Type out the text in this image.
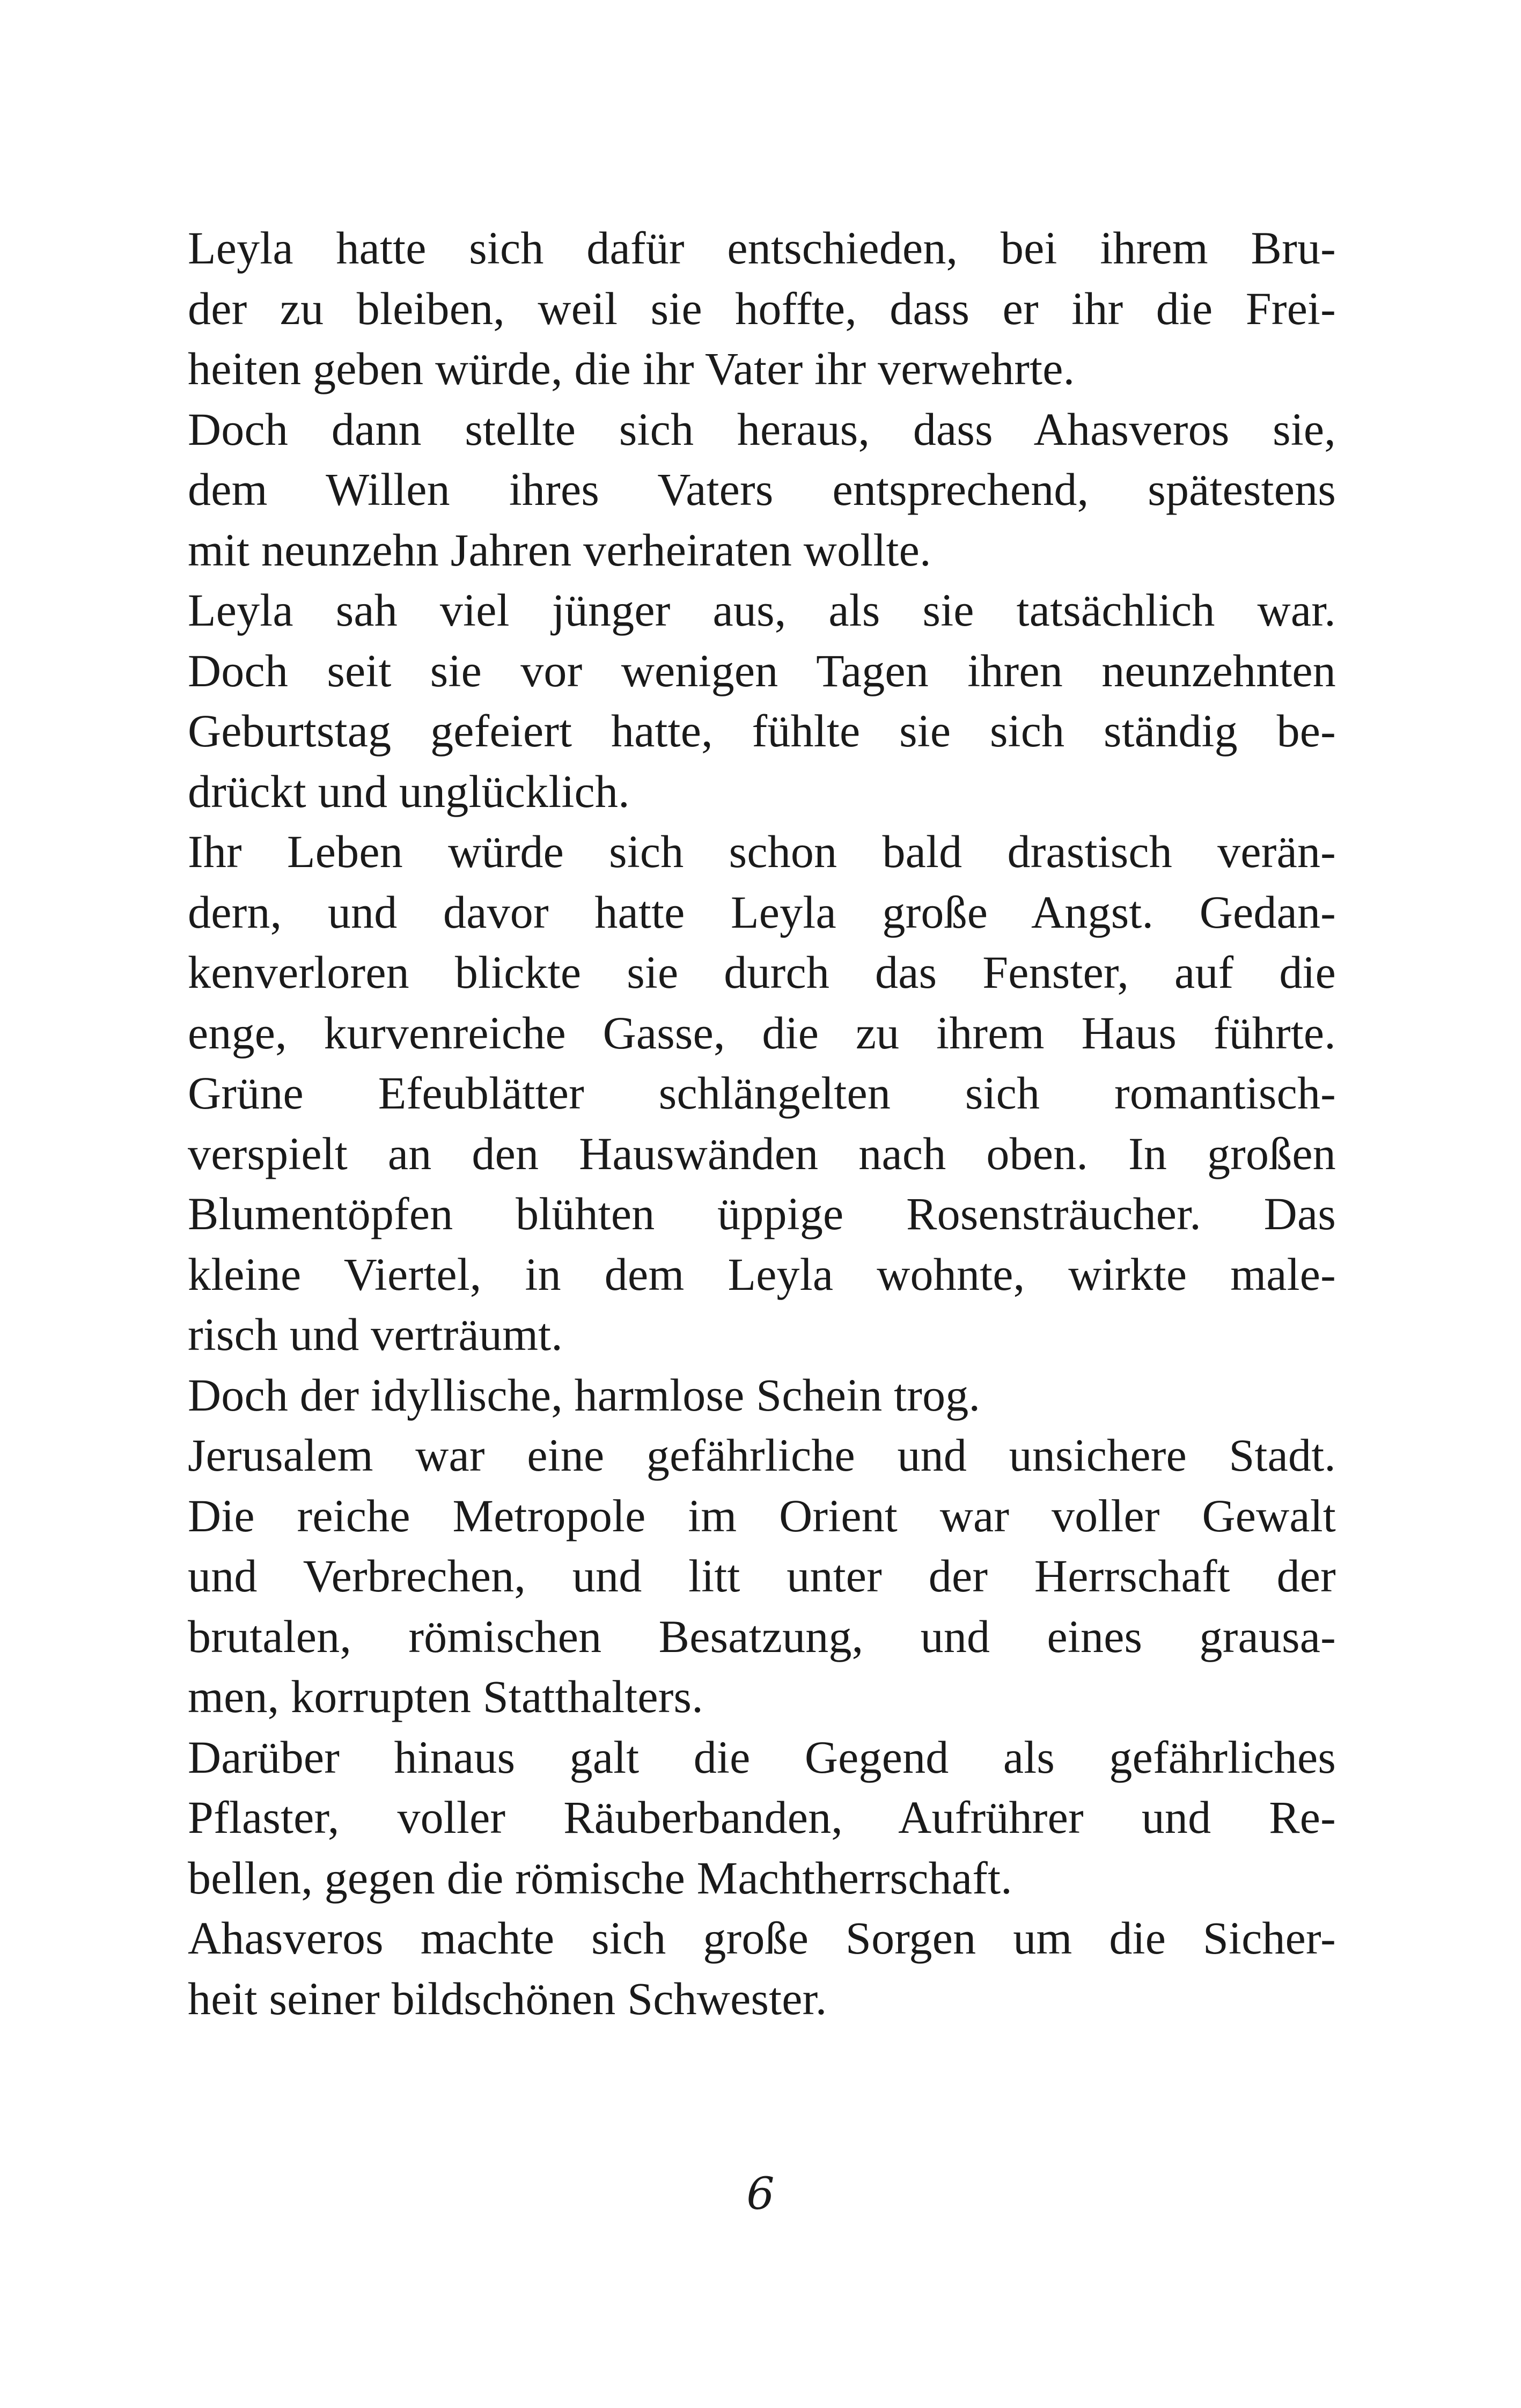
Leyla hatte sich dafür entschieden, bei ihrem Bru-
der zu bleiben, weil sie hoffte, dass er ihr die Frei-
heiten geben würde, die ihr Vater ihr verwehrte.
Doch dann stellte sich heraus, dass Ahasveros sie,
dem Willen ihres Vaters entsprechend, spätestens
mit neunzehn Jahren verheiraten wollte.
Leyla sah viel jünger aus, als sie tatsächlich war.
Doch seit sie vor wenigen Tagen ihren neunzehnten
Geburtstag gefeiert hatte, fühlte sie sich ständig be-
drückt und unglücklich.
Ihr Leben würde sich schon bald drastisch verän-
dern, und davor hatte Leyla große Angst. Gedan-
kenverloren blickte sie durch das Fenster, auf die
enge, kurvenreiche Gasse, die zu ihrem Haus führte.
Grüne Efeublätter schlängelten sich romantisch-
verspielt an den Hauswänden nach oben. In großen
Blumentöpfen blühten üppige Rosensträucher. Das
kleine Viertel, in dem Leyla wohnte, wirkte male-
risch und verträumt.
Doch der idyllische, harmlose Schein trog.
Jerusalem war eine gefährliche und unsichere Stadt.
Die reiche Metropole im Orient war voller Gewalt
und Verbrechen, und litt unter der Herrschaft der
brutalen, römischen Besatzung, und eines grausa-
men, korrupten Statthalters.
Darüber hinaus galt die Gegend als gefährliches
Pflaster, voller Räuberbanden, Aufrührer und Re-
bellen, gegen die römische Machtherrschaft.
Ahasveros machte sich große Sorgen um die Sicher-
heit seiner bildschönen Schwester.
6
